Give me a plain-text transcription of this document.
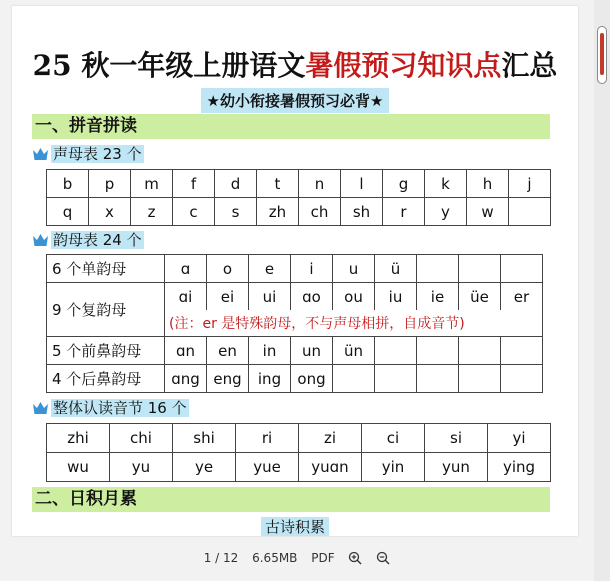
25 秋一年级上册语文暑假预习知识点汇总
★幼小衔接暑假预习必背★
一、拼音拼读
声母表 23 个
b	p	m	f	d	t	n	l	g	k	h	j
q	x	z	c	s	zh	ch	sh	r	y	w	
韵母表 24 个
6 个单韵母	ɑ	o	e	i	u	ü			
9 个复韵母	ɑi	ei	ui	ɑo	ou	iu	ie	üe	er
	(注：er 是特殊韵母，不与声母相拼，自成音节)								
5 个前鼻韵母	ɑn	en	in	un	ün				
4 个后鼻韵母	ɑng	eng	ing	ong					
整体认读音节 16 个
zhi	chi	shi	ri	zi	ci	si	yi
wu	yu	ye	yue	yuɑn	yin	yun	ying
二、日积月累
古诗积累
1 / 12 6.65MB PDF
